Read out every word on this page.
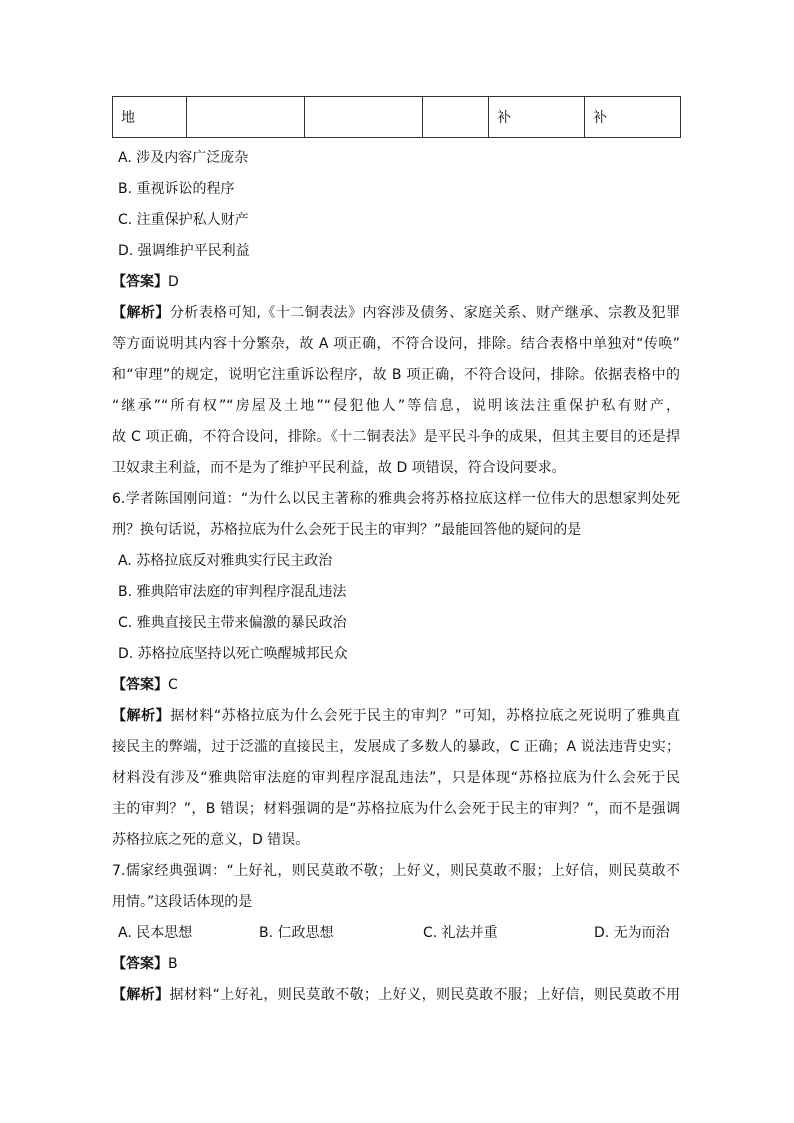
地				补	补
A. 涉及内容广泛庞杂
B. 重视诉讼的程序
C. 注重保护私人财产
D. 强调维护平民利益
【答案】D
【解析】分析表格可知,《十二铜表法》内容涉及债务、家庭关系、财产继承、宗教及犯罪
等方面说明其内容十分繁杂，故 A 项正确，不符合设问，排除。结合表格中单独对“传唤”
和“审理”的规定，说明它注重诉讼程序，故 B 项正确，不符合设问，排除。依据表格中的
“继承”“所有权”“房屋及土地”“侵犯他人”等信息，说明该法注重保护私有财产，
故 C 项正确，不符合设问，排除。《十二铜表法》是平民斗争的成果，但其主要目的还是捍
卫奴隶主利益，而不是为了维护平民利益，故 D 项错误，符合设问要求。
6.学者陈国刚问道：“为什么以民主著称的雅典会将苏格拉底这样一位伟大的思想家判处死
刑？换句话说，苏格拉底为什么会死于民主的审判？”最能回答他的疑问的是
A. 苏格拉底反对雅典实行民主政治
B. 雅典陪审法庭的审判程序混乱违法
C. 雅典直接民主带来偏激的暴民政治
D. 苏格拉底坚持以死亡唤醒城邦民众
【答案】C
【解析】据材料“苏格拉底为什么会死于民主的审判？”可知，苏格拉底之死说明了雅典直
接民主的弊端，过于泛滥的直接民主，发展成了多数人的暴政，C 正确；A 说法违背史实；
材料没有涉及“雅典陪审法庭的审判程序混乱违法”，只是体现“苏格拉底为什么会死于民
主的审判？”，B 错误；材料强调的是“苏格拉底为什么会死于民主的审判？”，而不是强调
苏格拉底之死的意义，D 错误。
7.儒家经典强调：“上好礼，则民莫敢不敬；上好义，则民莫敢不服；上好信，则民莫敢不
用情。”这段话体现的是
A. 民本思想	B. 仁政思想	C. 礼法并重	D. 无为而治
【答案】B
【解析】据材料“上好礼，则民莫敢不敬；上好义，则民莫敢不服；上好信，则民莫敢不用
